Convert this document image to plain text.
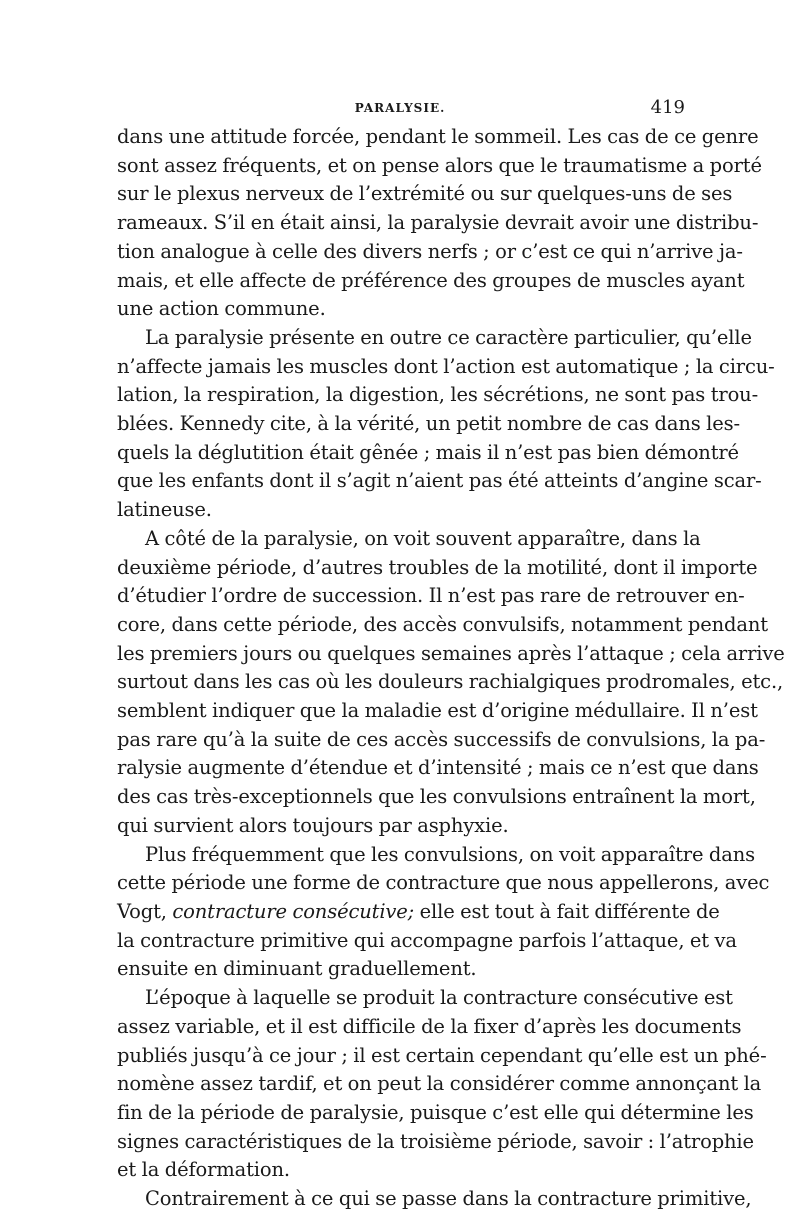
PARALYSIE.	419

dans une attitude forcée, pendant le sommeil. Les cas de ce genre
sont assez fréquents, et on pense alors que le traumatisme a porté
sur le plexus nerveux de l’extrémité ou sur quelques-uns de ses
rameaux. S’il en était ainsi, la paralysie devrait avoir une distribu-
tion analogue à celle des divers nerfs ; or c’est ce qui n’arrive ja-
mais, et elle affecte de préférence des groupes de muscles ayant
une action commune.

La paralysie présente en outre ce caractère particulier, qu’elle
n’affecte jamais les muscles dont l’action est automatique ; la circu-
lation, la respiration, la digestion, les sécrétions, ne sont pas trou-
blées. Kennedy cite, à la vérité, un petit nombre de cas dans les-
quels la déglutition était gênée ; mais il n’est pas bien démontré
que les enfants dont il s’agit n’aient pas été atteints d’angine scar-
latineuse.

A côté de la paralysie, on voit souvent apparaître, dans la
deuxième période, d’autres troubles de la motilité, dont il importe
d’étudier l’ordre de succession. Il n’est pas rare de retrouver en-
core, dans cette période, des accès convulsifs, notamment pendant
les premiers jours ou quelques semaines après l’attaque ; cela arrive
surtout dans les cas où les douleurs rachialgiques prodromales, etc.,
semblent indiquer que la maladie est d’origine médullaire. Il n’est
pas rare qu’à la suite de ces accès successifs de convulsions, la pa-
ralysie augmente d’étendue et d’intensité ; mais ce n’est que dans
des cas très-exceptionnels que les convulsions entraînent la mort,
qui survient alors toujours par asphyxie.

Plus fréquemment que les convulsions, on voit apparaître dans
cette période une forme de contracture que nous appellerons, avec
Vogt, contracture consécutive; elle est tout à fait différente de
la contracture primitive qui accompagne parfois l’attaque, et va
ensuite en diminuant graduellement.

L’époque à laquelle se produit la contracture consécutive est
assez variable, et il est difficile de la fixer d’après les documents
publiés jusqu’à ce jour ; il est certain cependant qu’elle est un phé-
nomène assez tardif, et on peut la considérer comme annonçant la
fin de la période de paralysie, puisque c’est elle qui détermine les
signes caractéristiques de la troisième période, savoir : l’atrophie
et la déformation.

Contrairement à ce qui se passe dans la contracture primitive,
